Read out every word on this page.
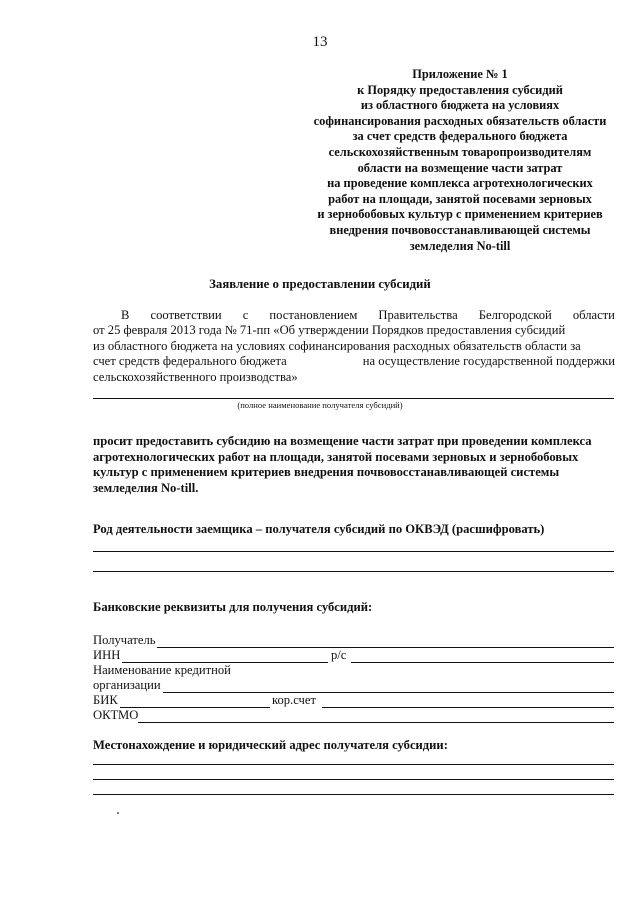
13
Приложение № 1
к Порядку предоставления субсидий
из областного бюджета на условиях
софинансирования расходных обязательств области
за счет средств федерального бюджета
сельскохозяйственным товаропроизводителям
области на возмещение части затрат
на проведение комплекса агротехнологических
работ на площади, занятой посевами зерновых
и зернобобовых культур с применением критериев
внедрения почвовосстанавливающей системы
земледелия No-till
Заявление о предоставлении субсидий
В соответствии с постановлением Правительства Белгородской области
от 25 февраля 2013 года № 71-пп «Об утверждении Порядков предоставления субсидий
из областного бюджета на условиях софинансирования расходных обязательств области за
счет средств федерального бюджета	на осуществление государственной поддержки
сельскохозяйственного производства»
(полное наименование получателя субсидий)
просит предоставить субсидию на возмещение части затрат при проведении комплекса
агротехнологических работ на площади, занятой посевами зерновых и зернобобовых
культур с применением критериев внедрения почвовосстанавливающей системы
земледелия No-till.
Род деятельности заемщика – получателя субсидий по ОКВЭД (расшифровать)
Банковские реквизиты для получения субсидий:
Получатель
ИНН	р/с
Наименование кредитной
организации
БИК	кор.счет
ОКТМО
Местонахождение и юридический адрес получателя субсидии:
